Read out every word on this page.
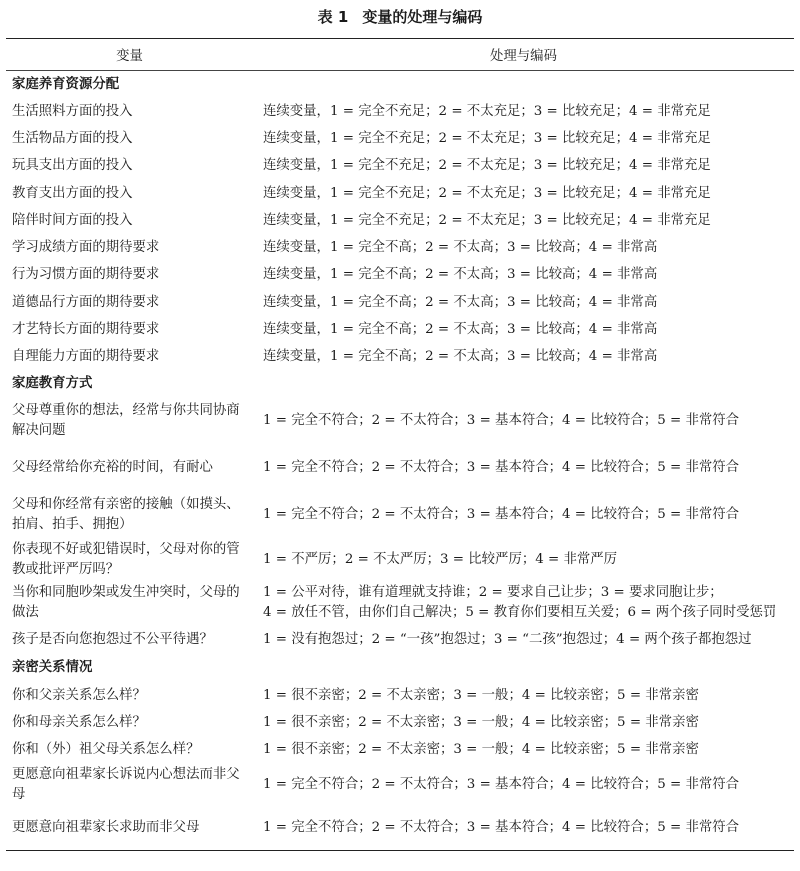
表 1 变量的处理与编码
变量	处理与编码
家庭养育资源分配	
生活照料方面的投入	连续变量，1 = 完全不充足；2 = 不太充足；3 = 比较充足；4 = 非常充足
生活物品方面的投入	连续变量，1 = 完全不充足；2 = 不太充足；3 = 比较充足；4 = 非常充足
玩具支出方面的投入	连续变量，1 = 完全不充足；2 = 不太充足；3 = 比较充足；4 = 非常充足
教育支出方面的投入	连续变量，1 = 完全不充足；2 = 不太充足；3 = 比较充足；4 = 非常充足
陪伴时间方面的投入	连续变量，1 = 完全不充足；2 = 不太充足；3 = 比较充足；4 = 非常充足
学习成绩方面的期待要求	连续变量，1 = 完全不高；2 = 不太高；3 = 比较高；4 = 非常高
行为习惯方面的期待要求	连续变量，1 = 完全不高；2 = 不太高；3 = 比较高；4 = 非常高
道德品行方面的期待要求	连续变量，1 = 完全不高；2 = 不太高；3 = 比较高；4 = 非常高
才艺特长方面的期待要求	连续变量，1 = 完全不高；2 = 不太高；3 = 比较高；4 = 非常高
自理能力方面的期待要求	连续变量，1 = 完全不高；2 = 不太高；3 = 比较高；4 = 非常高
家庭教育方式	
父母尊重你的想法，经常与你共同协商解决问题	1 = 完全不符合；2 = 不太符合；3 = 基本符合；4 = 比较符合；5 = 非常符合
父母经常给你充裕的时间，有耐心	1 = 完全不符合；2 = 不太符合；3 = 基本符合；4 = 比较符合；5 = 非常符合
父母和你经常有亲密的接触（如摸头、拍肩、拍手、拥抱）	1 = 完全不符合；2 = 不太符合；3 = 基本符合；4 = 比较符合；5 = 非常符合
你表现不好或犯错误时，父母对你的管教或批评严厉吗？	1 = 不严厉；2 = 不太严厉；3 = 比较严厉；4 = 非常严厉
当你和同胞吵架或发生冲突时，父母的做法	1 = 公平对待，谁有道理就支持谁；2 = 要求自己让步；3 = 要求同胞让步；
4 = 放任不管，由你们自己解决；5 = 教育你们要相互关爱；6 = 两个孩子同时受惩罚

孩子是否向您抱怨过不公平待遇？	1 = 没有抱怨过；2 = “一孩”抱怨过；3 = “二孩”抱怨过；4 = 两个孩子都抱怨过
亲密关系情况	
你和父亲关系怎么样？	1 = 很不亲密；2 = 不太亲密；3 = 一般；4 = 比较亲密；5 = 非常亲密
你和母亲关系怎么样？	1 = 很不亲密；2 = 不太亲密；3 = 一般；4 = 比较亲密；5 = 非常亲密
你和（外）祖父母关系怎么样？	1 = 很不亲密；2 = 不太亲密；3 = 一般；4 = 比较亲密；5 = 非常亲密
更愿意向祖辈家长诉说内心想法而非父母	1 = 完全不符合；2 = 不太符合；3 = 基本符合；4 = 比较符合；5 = 非常符合
更愿意向祖辈家长求助而非父母	1 = 完全不符合；2 = 不太符合；3 = 基本符合；4 = 比较符合；5 = 非常符合
